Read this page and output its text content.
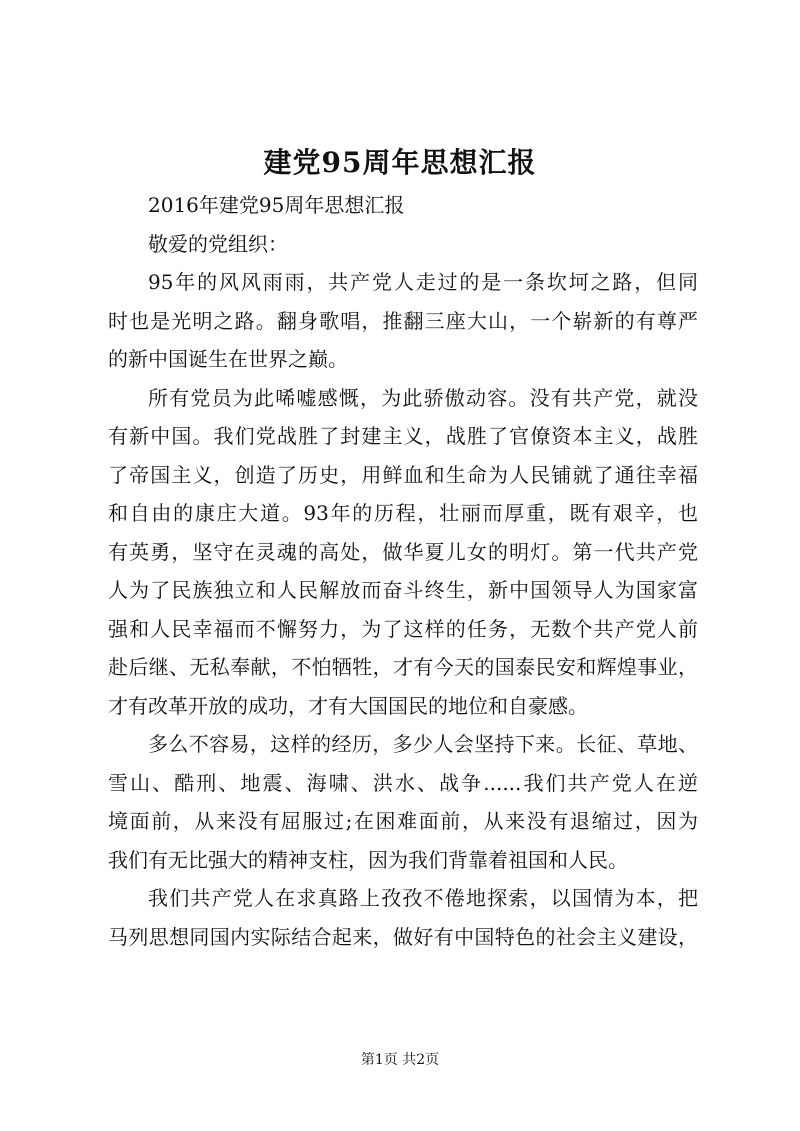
建党95周年思想汇报
2016年建党95周年思想汇报
敬爱的党组织：
95年的风风雨雨，共产党人走过的是一条坎坷之路，但同
时也是光明之路。翻身歌唱，推翻三座大山，一个崭新的有尊严
的新中国诞生在世界之巅。
所有党员为此唏嘘感慨，为此骄傲动容。没有共产党，就没
有新中国。我们党战胜了封建主义，战胜了官僚资本主义，战胜
了帝国主义，创造了历史，用鲜血和生命为人民铺就了通往幸福
和自由的康庄大道。93年的历程，壮丽而厚重，既有艰辛，也
有英勇，坚守在灵魂的高处，做华夏儿女的明灯。第一代共产党
人为了民族独立和人民解放而奋斗终生，新中国领导人为国家富
强和人民幸福而不懈努力，为了这样的任务，无数个共产党人前
赴后继、无私奉献，不怕牺牲，才有今天的国泰民安和辉煌事业，
才有改革开放的成功，才有大国国民的地位和自豪感。
多么不容易，这样的经历，多少人会坚持下来。长征、草地、
雪山、酷刑、地震、海啸、洪水、战争......我们共产党人在逆
境面前，从来没有屈服过;在困难面前，从来没有退缩过，因为
我们有无比强大的精神支柱，因为我们背靠着祖国和人民。
我们共产党人在求真路上孜孜不倦地探索，以国情为本，把
马列思想同国内实际结合起来，做好有中国特色的社会主义建设，
第1页 共2页
